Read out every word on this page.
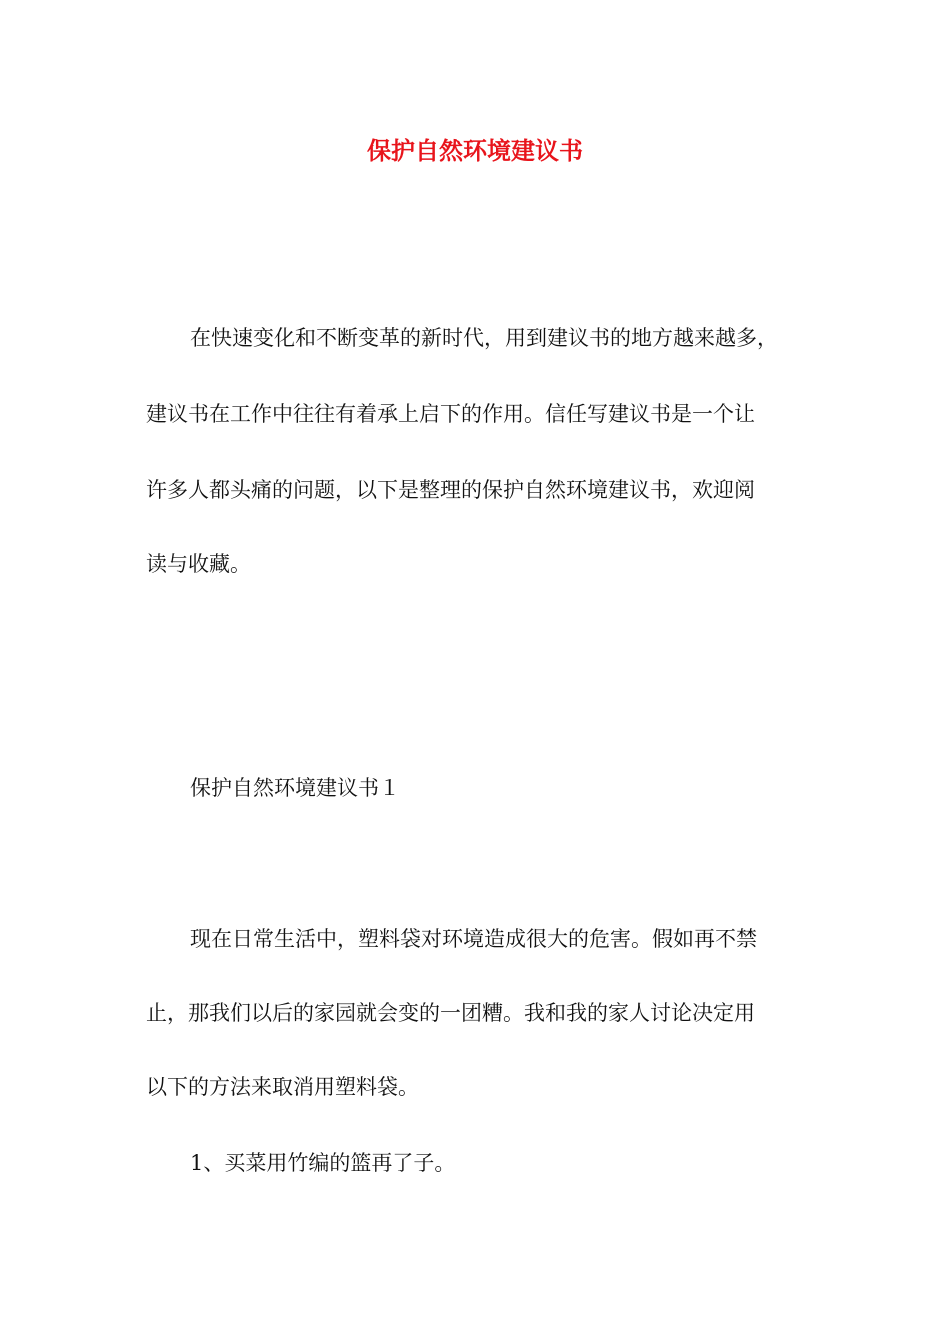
保护自然环境建议书

在快速变化和不断变革的新时代，用到建议书的地方越来越多，

建议书在工作中往往有着承上启下的作用。信任写建议书是一个让

许多人都头痛的问题，以下是整理的保护自然环境建议书，欢迎阅

读与收藏。

保护自然环境建议书１

现在日常生活中，塑料袋对环境造成很大的危害。假如再不禁

止，那我们以后的家园就会变的一团糟。我和我的家人讨论决定用

以下的方法来取消用塑料袋。

1、买菜用竹编的篮再了子。
